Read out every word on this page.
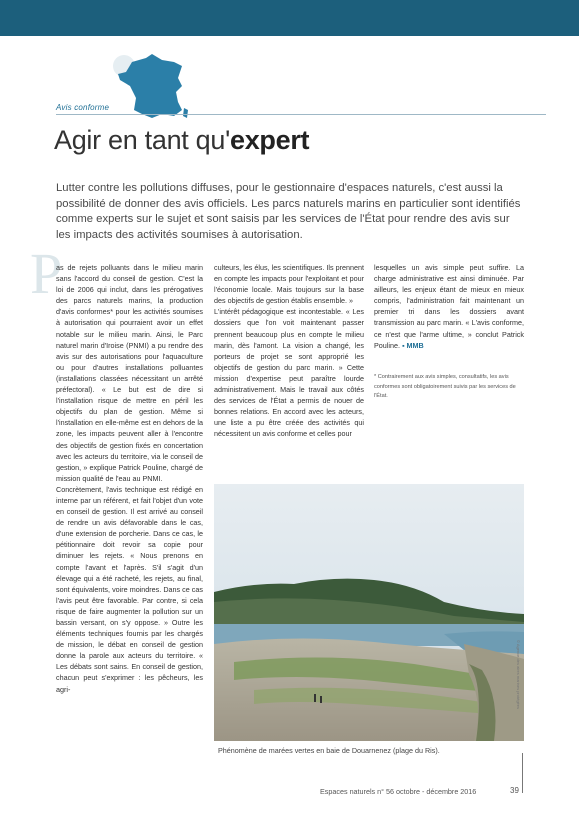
Avis conforme
Agir en tant qu'expert
Lutter contre les pollutions diffuses, pour le gestionnaire d'espaces naturels, c'est aussi la possibilité de donner des avis officiels. Les parcs naturels marins en particulier sont identifiés comme experts sur le sujet et sont saisis par les services de l'État pour rendre des avis sur les impacts des activités soumises à autorisation.
P

as de rejets polluants dans le milieu marin sans l'accord du conseil de gestion. C'est la loi de 2006 qui inclut, dans les prérogatives des parcs naturels marins, la production d'avis conformes* pour les activités soumises à autorisation qui pourraient avoir un effet notable sur le milieu marin. Ainsi, le Parc naturel marin d'Iroise (PNMI) a pu rendre des avis sur des autorisations pour l'aquaculture ou pour d'autres installations polluantes (installations classées nécessitant un arrêté préfectoral). « Le but est de dire si l'installation risque de mettre en péril les objectifs du plan de gestion. Même si l'installation en elle-même est en dehors de la zone, les impacts peuvent aller à l'encontre des objectifs de gestion fixés en concertation avec les acteurs du territoire, via le conseil de gestion, » explique Patrick Pouline, chargé de mission qualité de l'eau au PNMI.

Concrètement, l'avis technique est rédigé en interne par un référent, et fait l'objet d'un vote en conseil de gestion. Il est arrivé au conseil de rendre un avis défavorable dans le cas, d'une extension de porcherie. Dans ce cas, le pétitionnaire doit revoir sa copie pour diminuer les rejets. « Nous prenons en compte l'avant et l'après. S'il s'agit d'un élevage qui a été racheté, les rejets, au final, sont équivalents, voire moindres. Dans ce cas l'avis peut être favorable. Par contre, si cela risque de faire augmenter la pollution sur un bassin versant, on s'y oppose. » Outre les éléments techniques fournis par les chargés de mission, le débat en conseil de gestion donne la parole aux acteurs du territoire. « Les débats sont sains. En conseil de gestion, chacun peut s'exprimer : les pêcheurs, les agri-

culteurs, les élus, les scientifiques. Ils prennent en compte les impacts pour l'exploitant et pour l'économie locale. Mais toujours sur la base des objectifs de gestion établis ensemble. »

L'intérêt pédagogique est incontestable. « Les dossiers que l'on voit maintenant passer prennent beaucoup plus en compte le milieu marin, dès l'amont. La vision a changé, les porteurs de projet se sont approprié les objectifs de gestion du parc marin. » Cette mission d'expertise peut paraître lourde administrativement. Mais le travail aux côtés des services de l'État a permis de nouer de bonnes relations. En accord avec les acteurs, une liste a pu être créée des activités qui nécessitent un avis conforme et celles pour

lesquelles un avis simple peut suffire. La charge administrative est ainsi diminuée. Par ailleurs, les enjeux étant de mieux en mieux compris, l'administration fait maintenant un premier tri dans les dossiers avant transmission au parc marin. « L'avis conforme, ce n'est que l'arme ultime, » conclut Patrick Pouline. ▪ MMB

* Contrairement aux avis simples, consultatifs, les avis conformes sont obligatoirement suivis par les services de l'État.
© Agence des aires marines protégées
Phénomène de marées vertes en baie de Douarnenez (plage du Ris).
Espaces naturels n° 56 octobre - décembre 2016	39
